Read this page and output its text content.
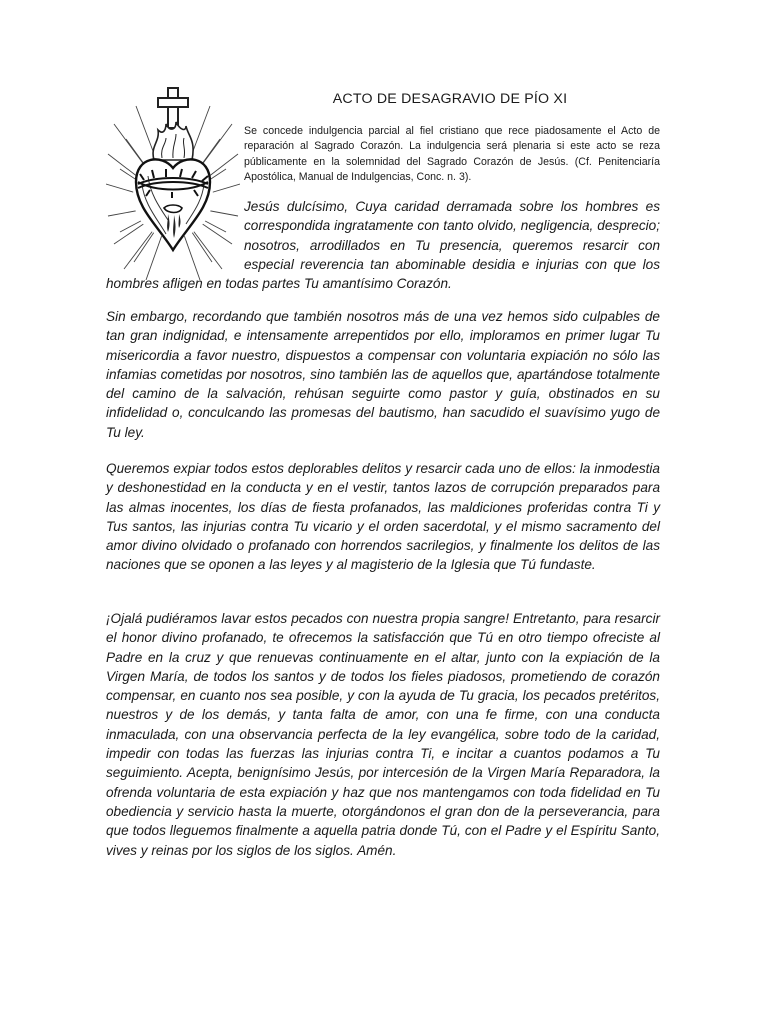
ACTO DE DESAGRAVIO DE PÍO XI

Se concede indulgencia parcial al fiel cristiano que rece piadosamente el Acto de reparación al Sagrado Corazón. La indulgencia será plenaria si este acto se reza públicamente en la solemnidad del Sagrado Corazón de Jesús. (Cf. Penitenciaría Apostólica, Manual de Indulgencias, Conc. n. 3).

Jesús dulcísimo, Cuya caridad derramada sobre los hombres es correspondida ingratamente con tanto olvido, negligencia, desprecio; nosotros, arrodillados en Tu presencia, queremos resarcir con especial reverencia tan abominable desidia e injurias con que los hombres afligen en todas partes Tu amantísimo Corazón.

Sin embargo, recordando que también nosotros más de una vez hemos sido culpables de tan gran indignidad, e intensamente arrepentidos por ello, imploramos en primer lugar Tu misericordia a favor nuestro, dispuestos a compensar con voluntaria expiación no sólo las infamias cometidas por nosotros, sino también las de aquellos que, apartándose totalmente del camino de la salvación, rehúsan seguirte como pastor y guía, obstinados en su infidelidad o, conculcando las promesas del bautismo, han sacudido el suavísimo yugo de Tu ley.

Queremos expiar todos estos deplorables delitos y resarcir cada uno de ellos: la inmodestia y deshonestidad en la conducta y en el vestir, tantos lazos de corrupción preparados para las almas inocentes, los días de fiesta profanados, las maldiciones proferidas contra Ti y Tus santos, las injurias contra Tu vicario y el orden sacerdotal, y el mismo sacramento del amor divino olvidado o profanado con horrendos sacrilegios, y finalmente los delitos de las naciones que se oponen a las leyes y al magisterio de la Iglesia que Tú fundaste.

¡Ojalá pudiéramos lavar estos pecados con nuestra propia sangre! Entretanto, para resarcir el honor divino profanado, te ofrecemos la satisfacción que Tú en otro tiempo ofreciste al Padre en la cruz y que renuevas continuamente en el altar, junto con la expiación de la Virgen María, de todos los santos y de todos los fieles piadosos, prometiendo de corazón compensar, en cuanto nos sea posible, y con la ayuda de Tu gracia, los pecados pretéritos, nuestros y de los demás, y tanta falta de amor, con una fe firme, con una conducta inmaculada, con una observancia perfecta de la ley evangélica, sobre todo de la caridad, impedir con todas las fuerzas las injurias contra Ti, e incitar a cuantos podamos a Tu seguimiento. Acepta, benignísimo Jesús, por intercesión de la Virgen María Reparadora, la ofrenda voluntaria de esta expiación y haz que nos mantengamos con toda fidelidad en Tu obediencia y servicio hasta la muerte, otorgándonos el gran don de la perseverancia, para que todos lleguemos finalmente a aquella patria donde Tú, con el Padre y el Espíritu Santo, vives y reinas por los siglos de los siglos. Amén.
